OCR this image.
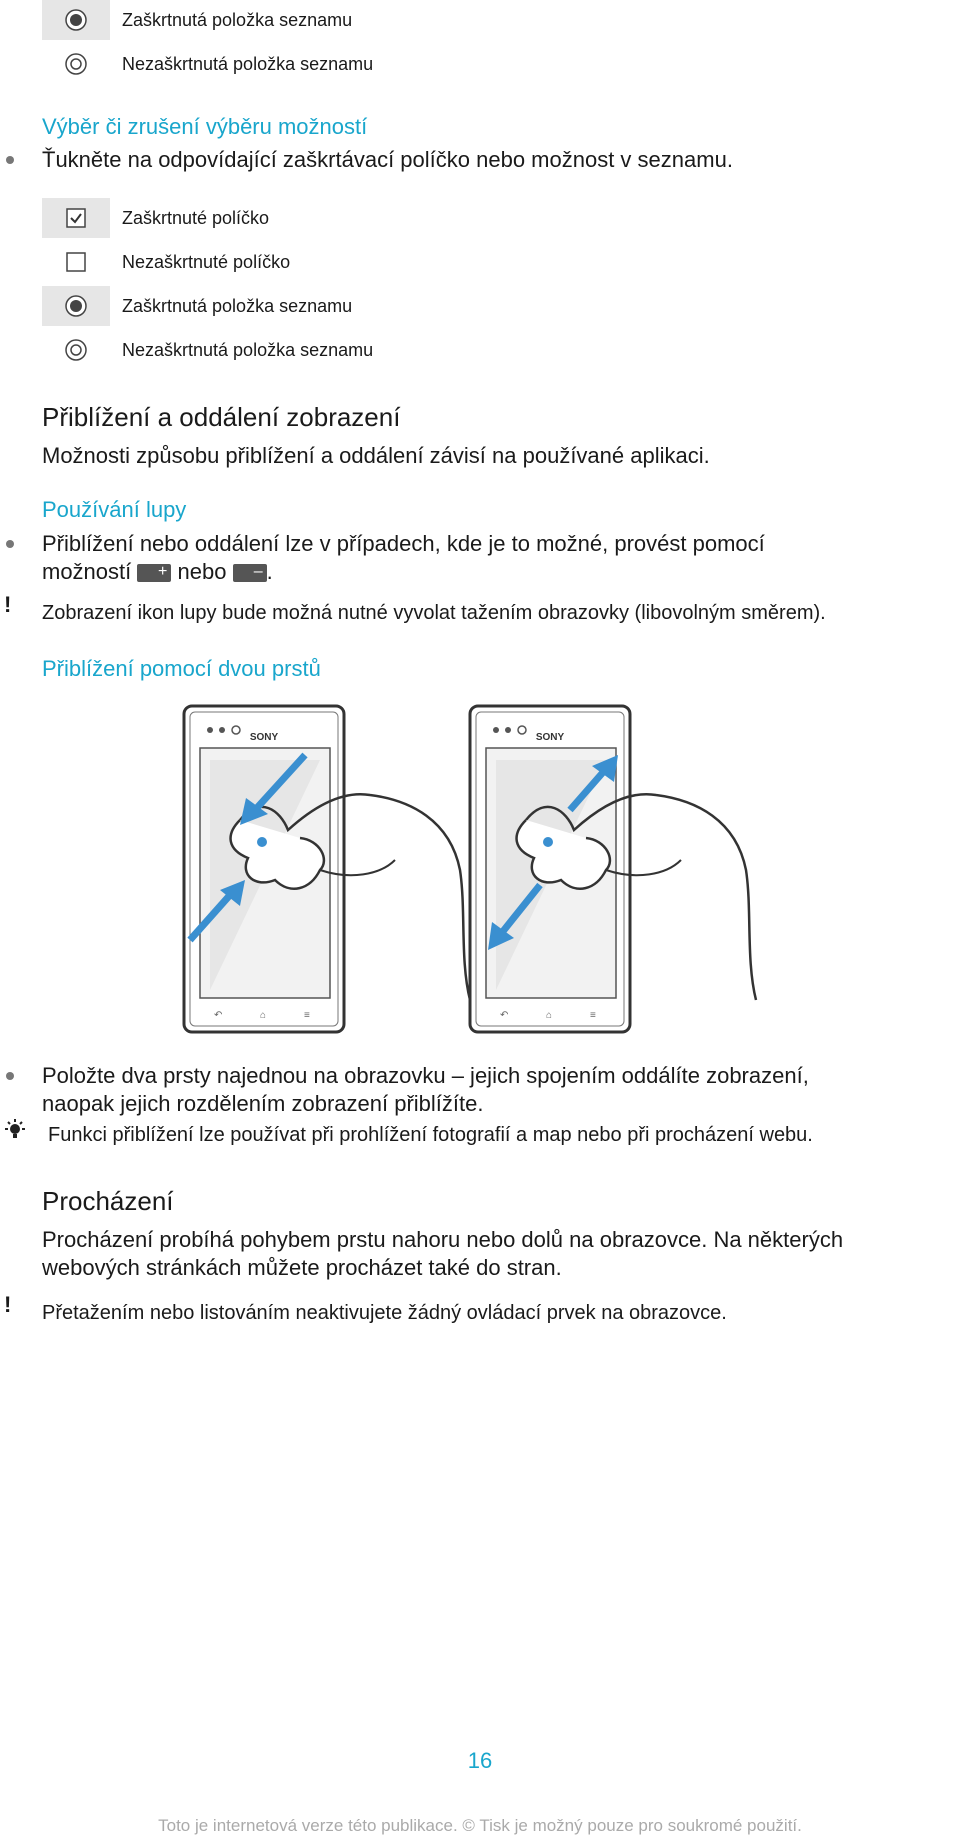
Zaškrtnutá položka seznamu
Nezaškrtnutá položka seznamu
Výběr či zrušení výběru možností
Ťukněte na odpovídající zaškrtávací políčko nebo možnost v seznamu.
Zaškrtnuté políčko
Nezaškrtnuté políčko
Zaškrtnutá položka seznamu
Nezaškrtnutá položka seznamu
Přiblížení a oddálení zobrazení
Možnosti způsobu přiblížení a oddálení závisí na používané aplikaci.
Používání lupy
Přiblížení nebo oddálení lze v případech, kde je to možné, provést pomocí
možností + nebo – .
! Zobrazení ikon lupy bude možná nutné vyvolat tažením obrazovky (libovolným směrem).
Přiblížení pomocí dvou prstů
SONY
↶	⌂	≡
SONY
↶	⌂	≡
Položte dva prsty najednou na obrazovku – jejich spojením oddálíte zobrazení,
naopak jejich rozdělením zobrazení přiblížíte.
Funkci přiblížení lze používat při prohlížení fotografií a map nebo při procházení webu.
Procházení
Procházení probíhá pohybem prstu nahoru nebo dolů na obrazovce. Na některých
webových stránkách můžete procházet také do stran.
! Přetažením nebo listováním neaktivujete žádný ovládací prvek na obrazovce.
16
Toto je internetová verze této publikace. © Tisk je možný pouze pro soukromé použití.
